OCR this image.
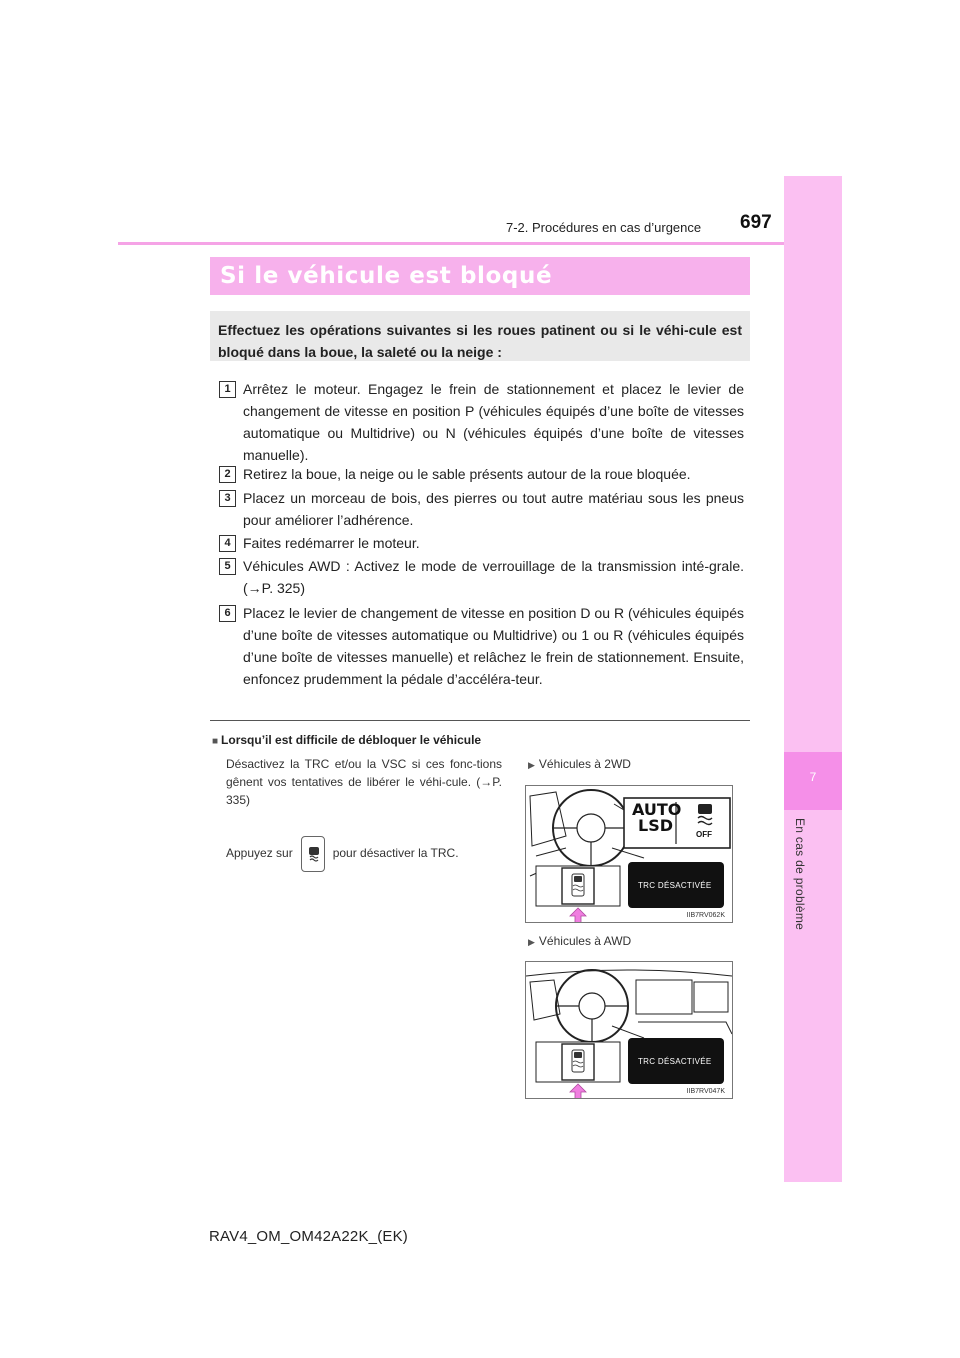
7-2. Procédures en cas d’urgence 697
7
En cas de problème
Si le véhicule est bloqué

Effectuez les opérations suivantes si les roues patinent ou si le véhi-cule est bloqué dans la boue, la saleté ou la neige :

1 Arrêtez le moteur. Engagez le frein de stationnement et placez le levier de changement de vitesse en position P (véhicules équipés d’une boîte de vitesses automatique ou Multidrive) ou N (véhicules équipés d’une boîte de vitesses manuelle).
2 Retirez la boue, la neige ou le sable présents autour de la roue bloquée.
3 Placez un morceau de bois, des pierres ou tout autre matériau sous les pneus pour améliorer l’adhérence.
4 Faites redémarrer le moteur.
5 Véhicules AWD : Activez le mode de verrouillage de la transmission inté-grale. (→P. 325)
6 Placez le levier de changement de vitesse en position D ou R (véhicules équipés d’une boîte de vitesses automatique ou Multidrive) ou 1 ou R (véhicules équipés d’une boîte de vitesses manuelle) et relâchez le frein de stationnement. Ensuite, enfoncez prudemment la pédale d’accéléra-teur.
■ Lorsqu’il est difficile de débloquer le véhicule
Désactivez la TRC et/ou la VSC si ces fonc-tions gênent vos tentatives de libérer le véhi-cule. (→P. 335)
Appuyez sur	pour désactiver la TRC.
▶ Véhicules à 2WD
AUTO
LSD	OFF
TRC DÉSACTIVÉE
IIB7RV062K
▶ Véhicules à AWD
TRC DÉSACTIVÉE
IIB7RV047K
RAV4_OM_OM42A22K_(EK)
